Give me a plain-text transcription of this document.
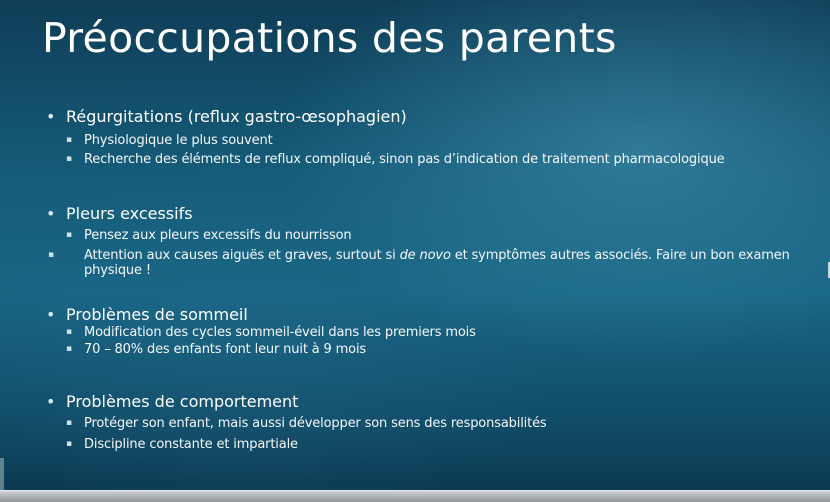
Préoccupations des parents
• Régurgitations (reflux gastro-œsophagien)
▪ Physiologique le plus souvent
▪ Recherche des éléments de reflux compliqué, sinon pas d’indication de traitement pharmacologique
• Pleurs excessifs
▪ Pensez aux pleurs excessifs du nourrisson
▪ Attention aux causes aiguës et graves, surtout si de novo et symptômes autres associés. Faire un bon examen physique !
• Problèmes de sommeil
▪ Modification des cycles sommeil-éveil dans les premiers mois
▪ 70 – 80% des enfants font leur nuit à 9 mois
• Problèmes de comportement
▪ Protéger son enfant, mais aussi développer son sens des responsabilités
▪ Discipline constante et impartiale
